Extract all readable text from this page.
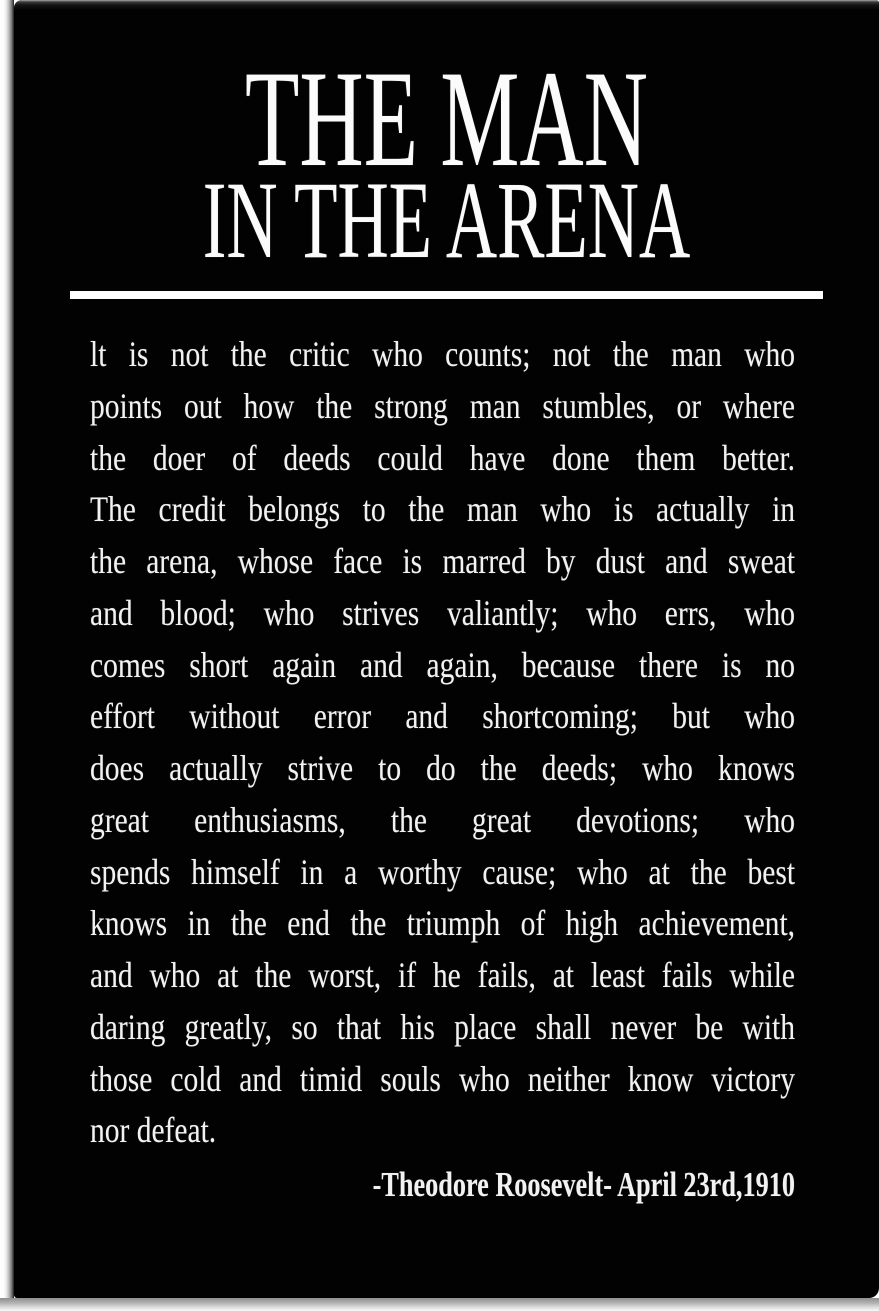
THE MAN
IN THE ARENA
lt is not the critic who counts; not the man who
points out how the strong man stumbles, or where
the doer of deeds could have done them better.
The credit belongs to the man who is actually in
the arena, whose face is marred by dust and sweat
and blood; who strives valiantly; who errs, who
comes short again and again, because there is no
effort without error and shortcoming; but who
does actually strive to do the deeds; who knows
great enthusiasms, the great devotions; who
spends himself in a worthy cause; who at the best
knows in the end the triumph of high achievement,
and who at the worst, if he fails, at least fails while
daring greatly, so that his place shall never be with
those cold and timid souls who neither know victory
nor defeat.
-Theodore Roosevelt- April 23rd,1910
